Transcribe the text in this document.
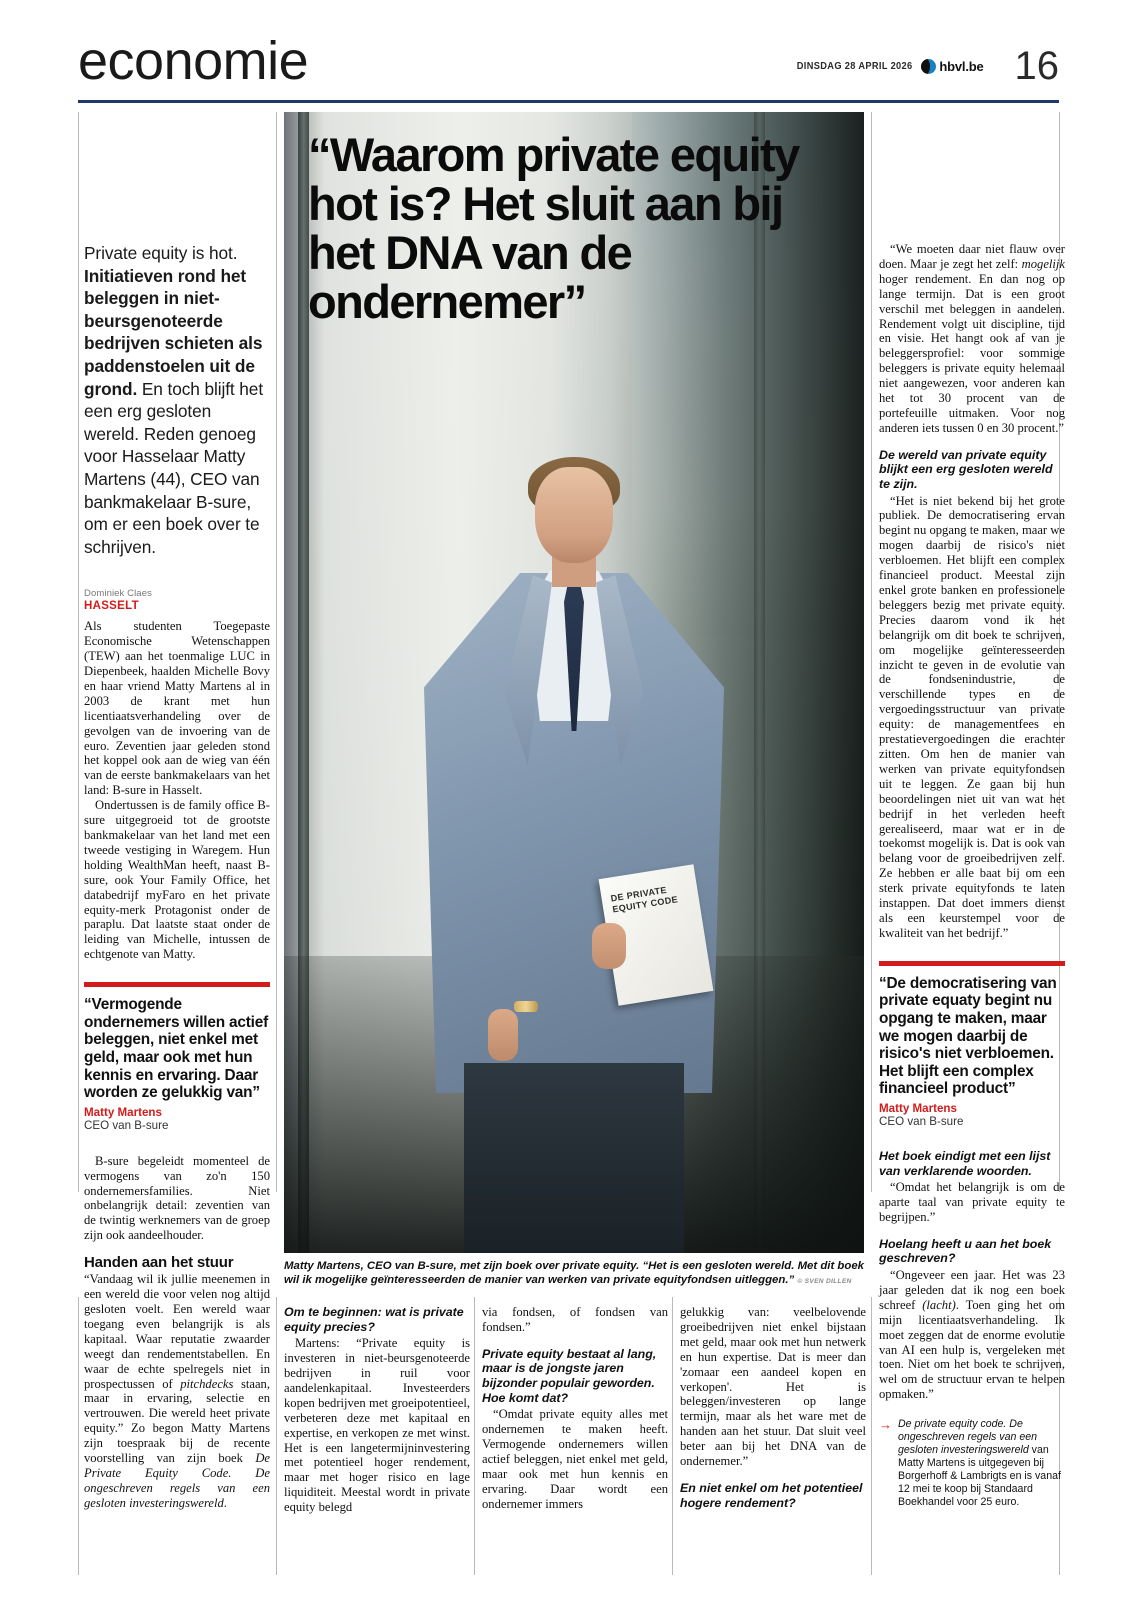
economie	DINSDAG 28 APRIL 2026 hbvl.be 16
Private equity is hot. Initiatieven rond het beleggen in niet-beursgenoteerde bedrijven schieten als paddenstoelen uit de grond. En toch blijft het een erg gesloten wereld. Reden genoeg voor Hasselaar Matty Martens (44), CEO van bankmakelaar B-sure, om er een boek over te schrijven.
Dominiek Claes
HASSELT

Als studenten Toegepaste Economische Wetenschappen (TEW) aan het toenmalige LUC in Diepenbeek, haalden Michelle Bovy en haar vriend Matty Martens al in 2003 de krant met hun licentiaatsverhandeling over de gevolgen van de invoering van de euro. Zeventien jaar geleden stond het koppel ook aan de wieg van één van de eerste bankmakelaars van het land: B-sure in Hasselt.

Ondertussen is de family office B-sure uitgegroeid tot de grootste bankmakelaar van het land met een tweede vestiging in Waregem. Hun holding WealthMan heeft, naast B-sure, ook Your Family Office, het databedrijf myFaro en het private equity-merk Protagonist onder de paraplu. Dat laatste staat onder de leiding van Michelle, intussen de echtgenote van Matty.

“Vermogende ondernemers willen actief beleggen, niet enkel met geld, maar ook met hun kennis en ervaring. Daar worden ze gelukkig van”
Matty Martens
CEO van B-sure

B-sure begeleidt momenteel de vermogens van zo'n 150 ondernemersfamilies. Niet onbelangrijk detail: zeventien van de twintig werknemers van de groep zijn ook aandeelhouder.

Handen aan het stuur

“Vandaag wil ik jullie meenemen in een wereld die voor velen nog altijd gesloten voelt. Een wereld waar toegang even belangrijk is als kapitaal. Waar reputatie zwaarder weegt dan rendementstabellen. En waar de echte spelregels niet in prospectussen of pitchdecks staan, maar in ervaring, selectie en vertrouwen. Die wereld heet private equity.” Zo begon Matty Martens zijn toespraak bij de recente voorstelling van zijn boek De Private Equity Code. De ongeschreven regels van een gesloten investeringswereld.

DE PRIVATE EQUITY CODE
“Waarom private equity hot is? Het sluit aan bij het DNA van de ondernemer”
Matty Martens, CEO van B-sure, met zijn boek over private equity. “Het is een gesloten wereld. Met dit boek wil ik mogelijke geïnteresseerden de manier van werken van private equityfondsen uitleggen.” © SVEN DILLEN

“We moeten daar niet flauw over doen. Maar je zegt het zelf: mogelijk hoger rendement. En dan nog op lange termijn. Dat is een groot verschil met beleggen in aandelen. Rendement volgt uit discipline, tijd en visie. Het hangt ook af van je beleggersprofiel: voor sommige beleggers is private equity helemaal niet aangewezen, voor anderen kan het tot 30 procent van de portefeuille uitmaken. Voor nog anderen iets tussen 0 en 30 procent.”

De wereld van private equity blijkt een erg gesloten wereld te zijn.

“Het is niet bekend bij het grote publiek. De democratisering ervan begint nu opgang te maken, maar we mogen daarbij de risico's niet verbloemen. Het blijft een complex financieel product. Meestal zijn enkel grote banken en professionele beleggers bezig met private equity. Precies daarom vond ik het belangrijk om dit boek te schrijven, om mogelijke geïnteresseerden inzicht te geven in de evolutie van de fondsenindustrie, de verschillende types en de vergoedingsstructuur van private equity: de managementfees en prestatievergoedingen die erachter zitten. Om hen de manier van werken van private equityfondsen uit te leggen. Ze gaan bij hun beoordelingen niet uit van wat het bedrijf in het verleden heeft gerealiseerd, maar wat er in de toekomst mogelijk is. Dat is ook van belang voor de groeibedrijven zelf. Ze hebben er alle baat bij om een sterk private equityfonds te laten instappen. Dat doet immers dienst als een keurstempel voor de kwaliteit van het bedrijf.”

“De democratisering van private equaty begint nu opgang te maken, maar we mogen daarbij de risico's niet verbloemen. Het blijft een complex financieel product”
Matty Martens
CEO van B-sure
Het boek eindigt met een lijst van verklarende woorden.

“Omdat het belangrijk is om de aparte taal van private equity te begrijpen.”

Hoelang heeft u aan het boek geschreven?

“Ongeveer een jaar. Het was 23 jaar geleden dat ik nog een boek schreef (lacht). Toen ging het om mijn licentiaatsverhandeling. Ik moet zeggen dat de enorme evolutie van AI een hulp is, vergeleken met toen. Niet om het boek te schrijven, wel om de structuur ervan te helpen opmaken.”

→ De private equity code. De ongeschreven regels van een gesloten investeringswereld van Matty Martens is uitgegeven bij Borgerhoff & Lambrigts en is vanaf 12 mei te koop bij Standaard Boekhandel voor 25 euro.
Om te beginnen: wat is private equity precies?

Martens: “Private equity is investeren in niet-beursgenoteerde bedrijven in ruil voor aandelenkapitaal. Investeerders kopen bedrijven met groeipotentieel, verbeteren deze met kapitaal en expertise, en verkopen ze met winst. Het is een langetermijninvestering met potentieel hoger rendement, maar met hoger risico en lage liquiditeit. Meestal wordt in private equity belegd

via fondsen, of fondsen van fondsen.”

Private equity bestaat al lang, maar is de jongste jaren bijzonder populair geworden. Hoe komt dat?

“Omdat private equity alles met ondernemen te maken heeft. Vermogende ondernemers willen actief beleggen, niet enkel met geld, maar ook met hun kennis en ervaring. Daar wordt een ondernemer immers

gelukkig van: veelbelovende groeibedrijven niet enkel bijstaan met geld, maar ook met hun netwerk en hun expertise. Dat is meer dan 'zomaar een aandeel kopen en verkopen'. Het is beleggen/investeren op lange termijn, maar als het ware met de handen aan het stuur. Dat sluit veel beter aan bij het DNA van de ondernemer.”

En niet enkel om het potentieel hogere rendement?
